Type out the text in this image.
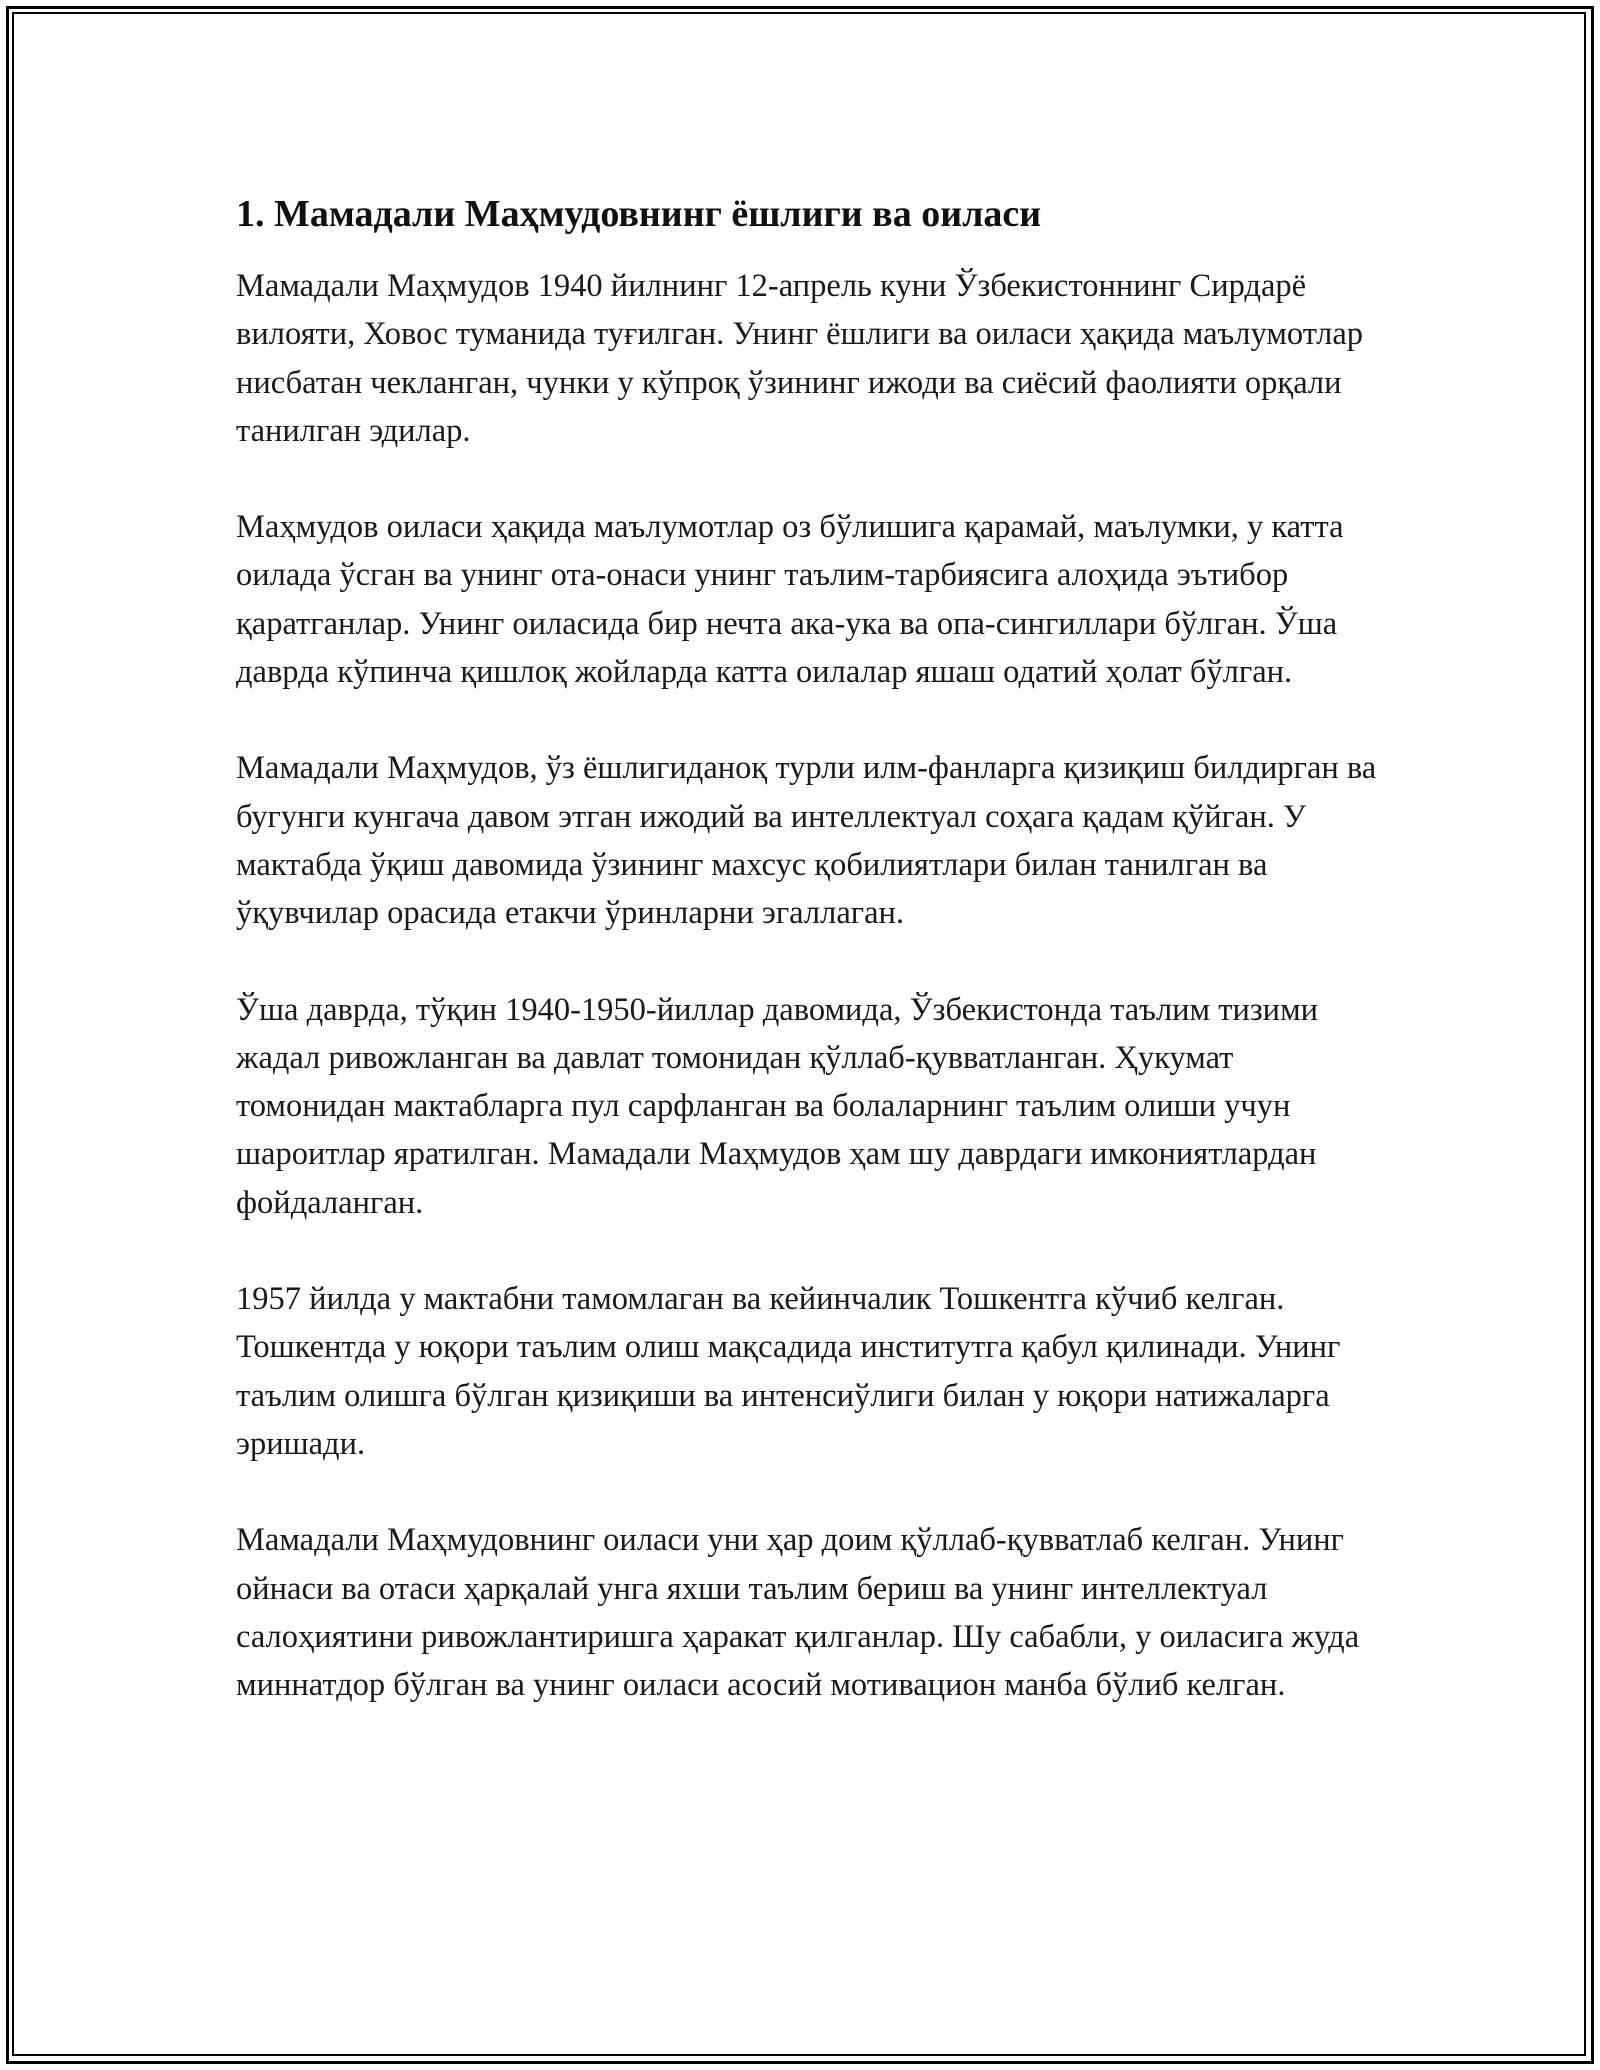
1. Мамадали Маҳмудовнинг ёшлиги ва оиласи

Мамадали Маҳмудов 1940 йилнинг 12-апрель куни Ўзбекистоннинг Сирдарё вилояти, Ховос туманида туғилган. Унинг ёшлиги ва оиласи ҳақида маълумотлар нисбатан чекланган, чунки у кўпроқ ўзининг ижоди ва сиёсий фаолияти орқали танилган эдилар.

Маҳмудов оиласи ҳақида маълумотлар оз бўлишига қарамай, маълумки, у катта оилада ўсган ва унинг ота-онаси унинг таълим-тарбиясига алоҳида эътибор қаратганлар. Унинг оиласида бир нечта ака-ука ва опа-сингиллари бўлган. Ўша даврда кўпинча қишлоқ жойларда катта оилалар яшаш одатий ҳолат бўлган.

Мамадали Маҳмудов, ўз ёшлигиданоқ турли илм-фанларга қизиқиш билдирган ва бугунги кунгача давом этган ижодий ва интеллектуал соҳага қадам қўйган. У мактабда ўқиш давомида ўзининг махсус қобилиятлари билан танилган ва ўқувчилар орасида етакчи ўринларни эгаллаган.

Ўша даврда, тўқин 1940-1950-йиллар давомида, Ўзбекистонда таълим тизими жадал ривожланган ва давлат томонидан қўллаб-қувватланган. Ҳукумат томонидан мактабларга пул сарфланган ва болаларнинг таълим олиши учун шароитлар яратилган. Мамадали Маҳмудов ҳам шу даврдаги имкониятлардан фойдаланган.

1957 йилда у мактабни тамомлаган ва кейинчалик Тошкентга кўчиб келган. Тошкентда у юқори таълим олиш мақсадида институтга қабул қилинади. Унинг таълим олишга бўлган қизиқиши ва интенсиўлиги билан у юқори натижаларга эришади.

Мамадали Маҳмудовнинг оиласи уни ҳар доим қўллаб-қувватлаб келган. Унинг ойнаси ва отаси ҳарқалай унга яхши таълим бериш ва унинг интеллектуал салоҳиятини ривожлантиришга ҳаракат қилганлар. Шу сабабли, у оиласига жуда миннатдор бўлган ва унинг оиласи асосий мотивацион манба бўлиб келган.
